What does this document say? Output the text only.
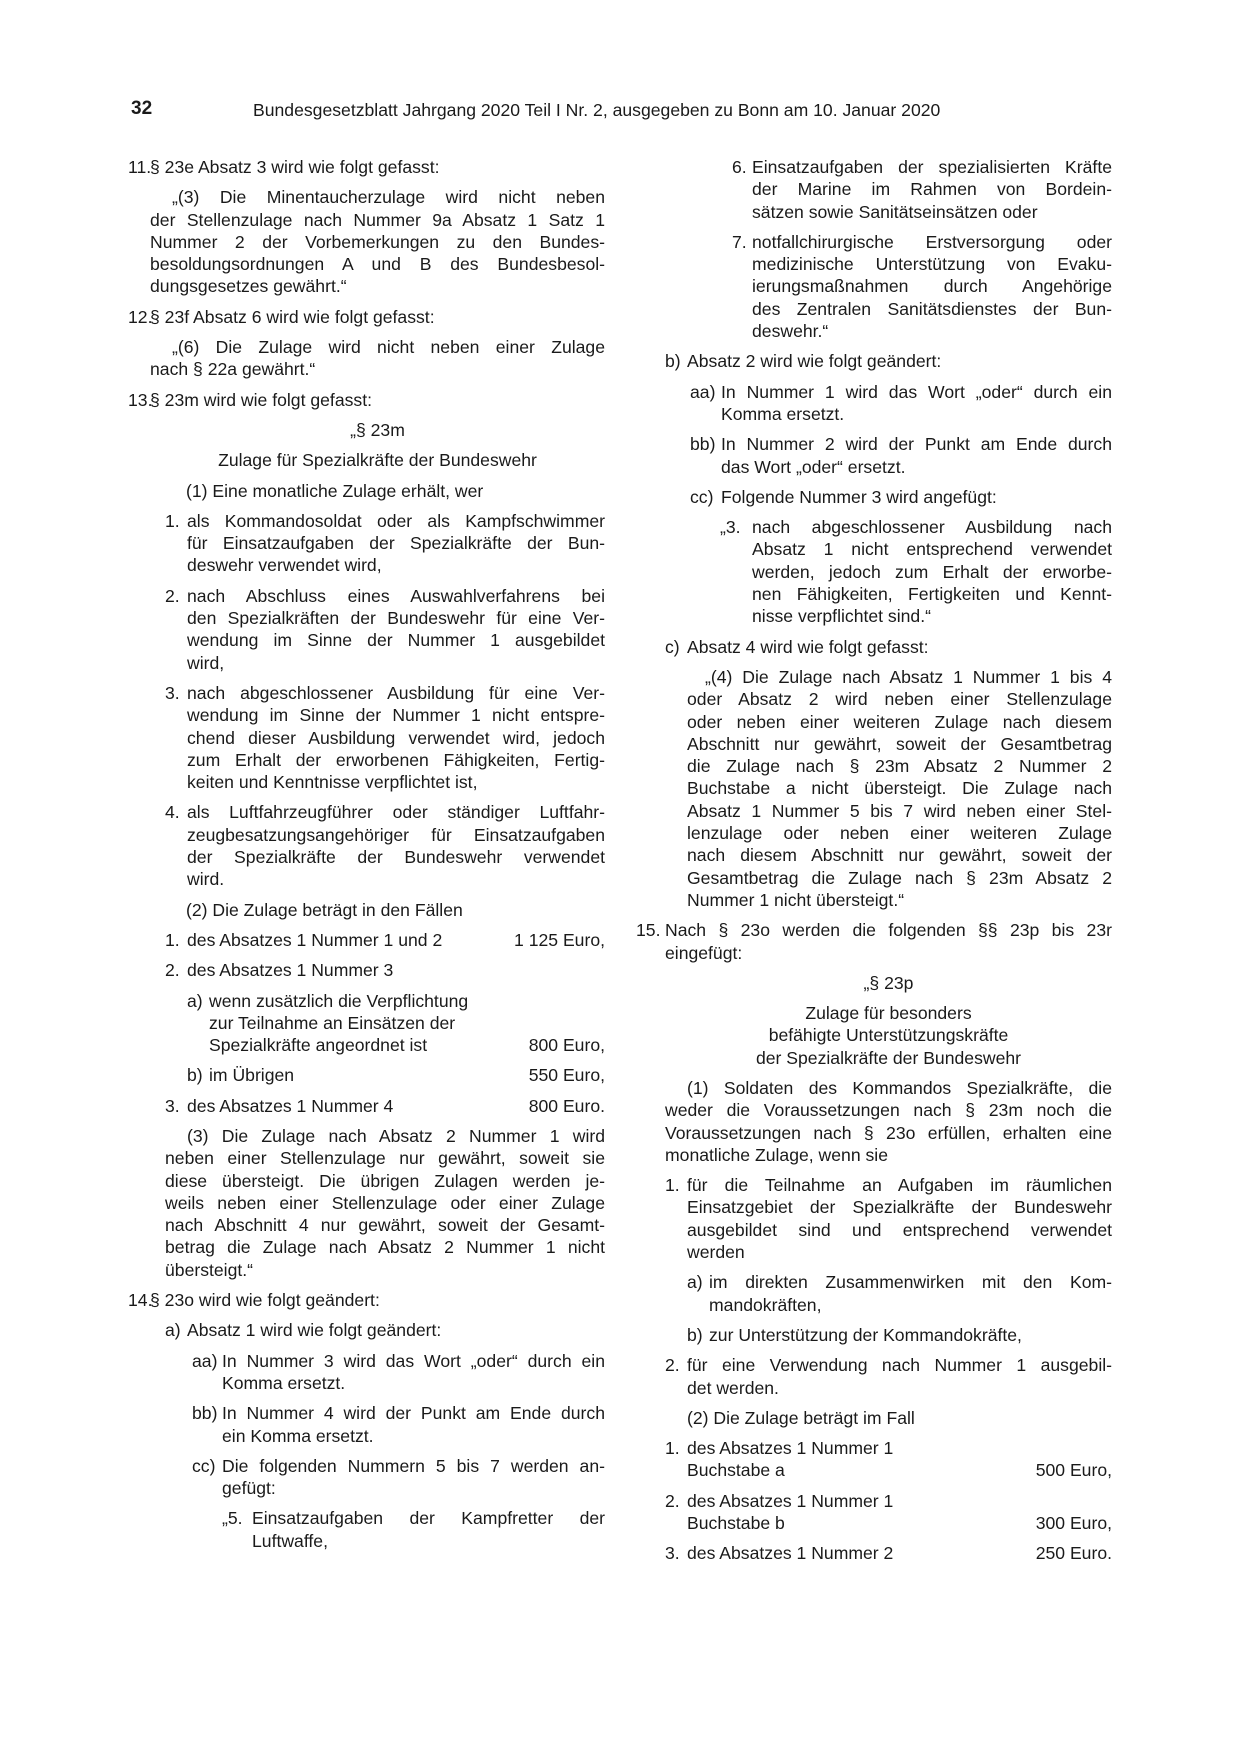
32	Bundesgesetzblatt Jahrgang 2020 Teil I Nr. 2, ausgegeben zu Bonn am 10. Januar 2020
11.

§ 23e Absatz 3 wird wie folgt gefasst:

„(3) Die Minentaucherzulage wird nicht neben

der Stellenzulage nach Nummer 9a Absatz 1 Satz 1

Nummer 2 der Vorbemerkungen zu den Bundes-

besoldungsordnungen A und B des Bundesbesol-

dungsgesetzes gewährt.“

12.

§ 23f Absatz 6 wird wie folgt gefasst:

„(6) Die Zulage wird nicht neben einer Zulage

nach § 22a gewährt.“

13.

§ 23m wird wie folgt gefasst:

„§ 23m

Zulage für Spezialkräfte der Bundeswehr

(1) Eine monatliche Zulage erhält, wer

1. als Kommandosoldat oder als Kampfschwimmer

für Einsatzaufgaben der Spezialkräfte der Bun-

deswehr verwendet wird,

2. nach Abschluss eines Auswahlverfahrens bei

den Spezialkräften der Bundeswehr für eine Ver-

wendung im Sinne der Nummer 1 ausgebildet

wird,

3. nach abgeschlossener Ausbildung für eine Ver-

wendung im Sinne der Nummer 1 nicht entspre-

chend dieser Ausbildung verwendet wird, jedoch

zum Erhalt der erworbenen Fähigkeiten, Fertig-

keiten und Kenntnisse verpflichtet ist,

4. als Luftfahrzeugführer oder ständiger Luftfahr-

zeugbesatzungsangehöriger für Einsatzaufgaben

der Spezialkräfte der Bundeswehr verwendet

wird.

(2) Die Zulage beträgt in den Fällen

1. des Absatzes 1 Nummer 1 und 2	1 125 Euro,
2. des Absatzes 1 Nummer 3

a) wenn zusätzlich die Verpflichtung

zur Teilnahme an Einsätzen der

Spezialkräfte angeordnet ist	800 Euro,
b) im Übrigen	550 Euro,
3. des Absatzes 1 Nummer 4	800 Euro.

(3) Die Zulage nach Absatz 2 Nummer 1 wird

neben einer Stellenzulage nur gewährt, soweit sie

diese übersteigt. Die übrigen Zulagen werden je-

weils neben einer Stellenzulage oder einer Zulage

nach Abschnitt 4 nur gewährt, soweit der Gesamt-

betrag die Zulage nach Absatz 2 Nummer 1 nicht

übersteigt.“

14.

§ 23o wird wie folgt geändert:

a) Absatz 1 wird wie folgt geändert:

aa) In Nummer 3 wird das Wort „oder“ durch ein

Komma ersetzt.

bb) In Nummer 4 wird der Punkt am Ende durch

ein Komma ersetzt.

cc) Die folgenden Nummern 5 bis 7 werden an-

gefügt:

„5. Einsatzaufgaben der Kampfretter der

Luftwaffe,

6. Einsatzaufgaben der spezialisierten Kräfte

der Marine im Rahmen von Bordein-

sätzen sowie Sanitätseinsätzen oder

7. notfallchirurgische Erstversorgung oder

medizinische Unterstützung von Evaku-

ierungsmaßnahmen durch Angehörige

des Zentralen Sanitätsdienstes der Bun-

deswehr.“

b) Absatz 2 wird wie folgt geändert:

aa) In Nummer 1 wird das Wort „oder“ durch ein

Komma ersetzt.

bb) In Nummer 2 wird der Punkt am Ende durch

das Wort „oder“ ersetzt.

cc) Folgende Nummer 3 wird angefügt:

„3. nach abgeschlossener Ausbildung nach

Absatz 1 nicht entsprechend verwendet

werden, jedoch zum Erhalt der erworbe-

nen Fähigkeiten, Fertigkeiten und Kennt-

nisse verpflichtet sind.“

c) Absatz 4 wird wie folgt gefasst:

„(4) Die Zulage nach Absatz 1 Nummer 1 bis 4

oder Absatz 2 wird neben einer Stellenzulage

oder neben einer weiteren Zulage nach diesem

Abschnitt nur gewährt, soweit der Gesamtbetrag

die Zulage nach § 23m Absatz 2 Nummer 2

Buchstabe a nicht übersteigt. Die Zulage nach

Absatz 1 Nummer 5 bis 7 wird neben einer Stel-

lenzulage oder neben einer weiteren Zulage

nach diesem Abschnitt nur gewährt, soweit der

Gesamtbetrag die Zulage nach § 23m Absatz 2

Nummer 1 nicht übersteigt.“

15. Nach § 23o werden die folgenden §§ 23p bis 23r

eingefügt:

„§ 23p

Zulage für besonders

befähigte Unterstützungskräfte

der Spezialkräfte der Bundeswehr

(1) Soldaten des Kommandos Spezialkräfte, die

weder die Voraussetzungen nach § 23m noch die

Voraussetzungen nach § 23o erfüllen, erhalten eine

monatliche Zulage, wenn sie

1. für die Teilnahme an Aufgaben im räumlichen

Einsatzgebiet der Spezialkräfte der Bundeswehr

ausgebildet sind und entsprechend verwendet

werden

a) im direkten Zusammenwirken mit den Kom-

mandokräften,

b) zur Unterstützung der Kommandokräfte,

2. für eine Verwendung nach Nummer 1 ausgebil-

det werden.

(2) Die Zulage beträgt im Fall

1. des Absatzes 1 Nummer 1

Buchstabe a	500 Euro,
2. des Absatzes 1 Nummer 1

Buchstabe b	300 Euro,
3. des Absatzes 1 Nummer 2	250 Euro.
